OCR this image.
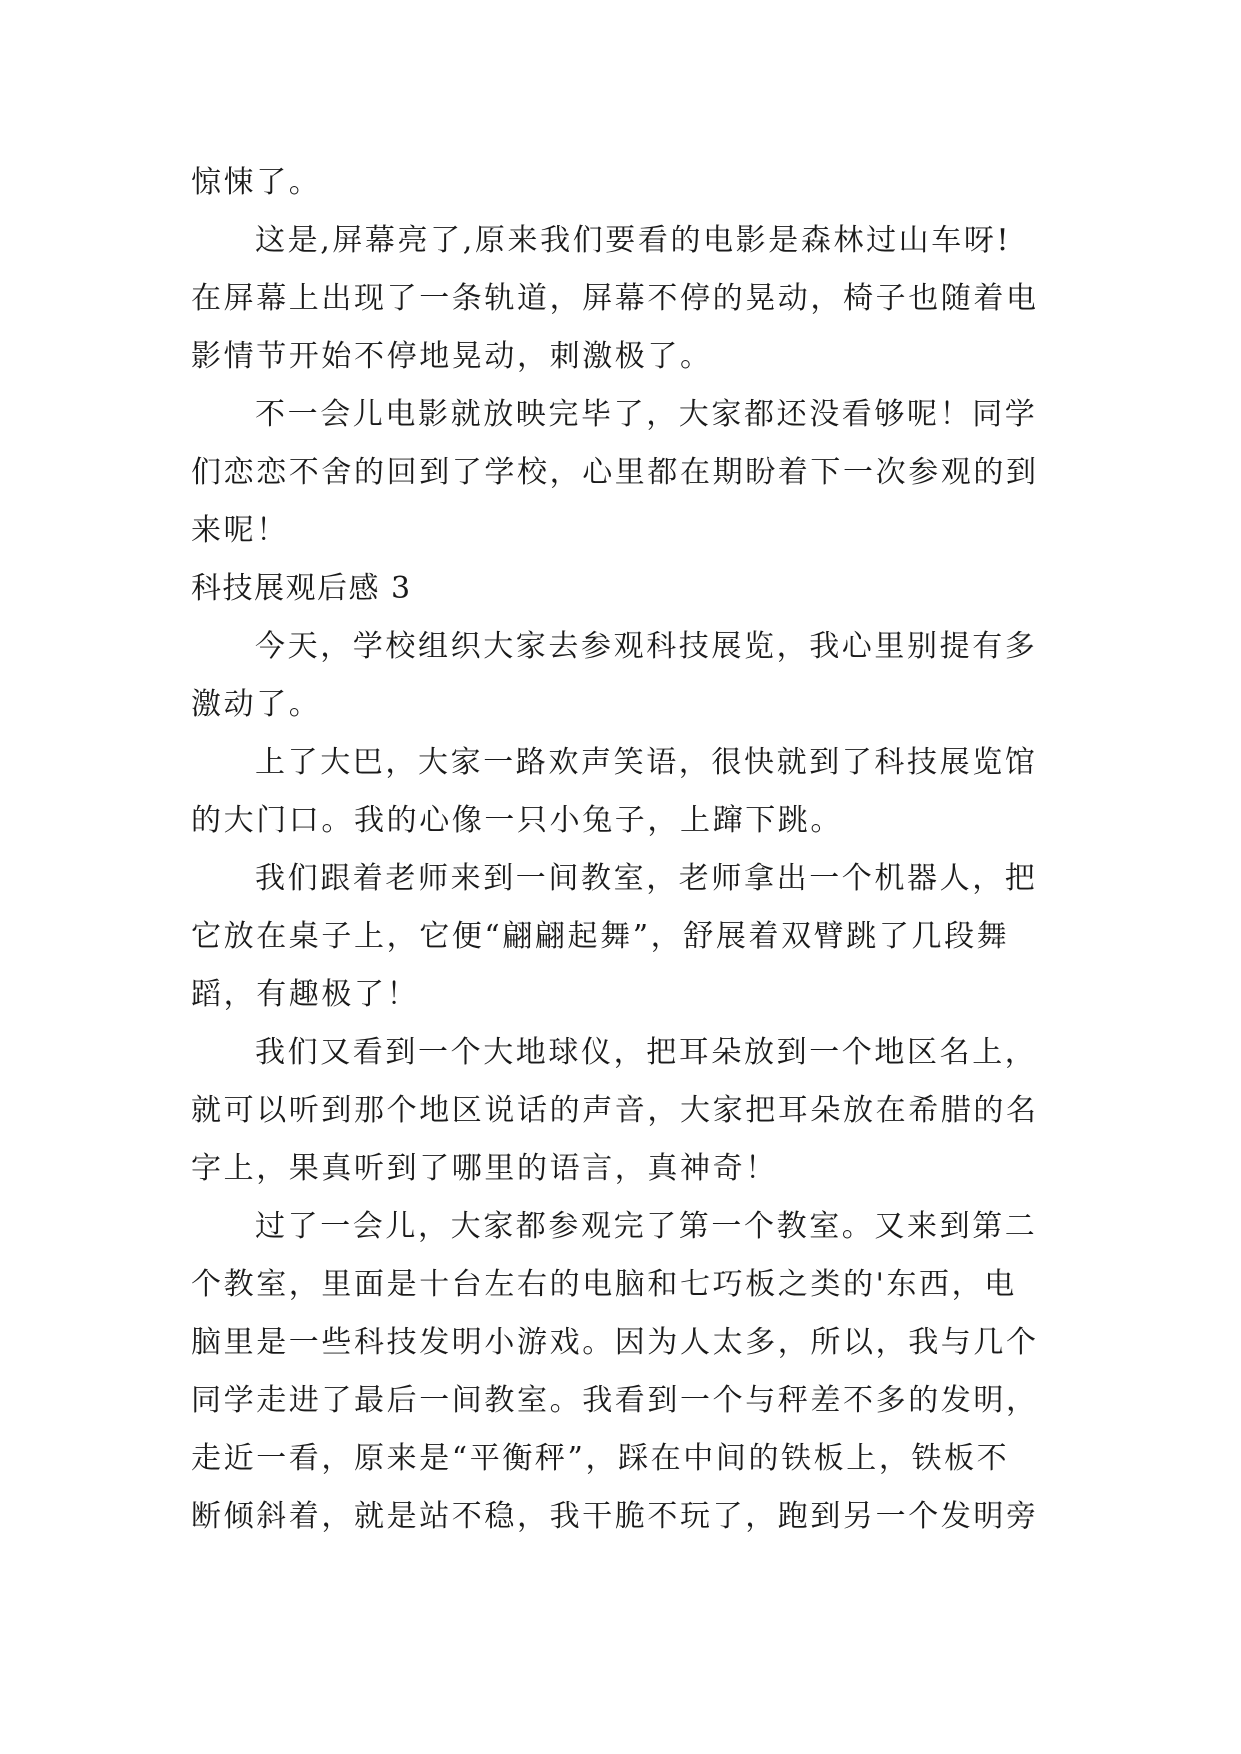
惊悚了。
这是,屏幕亮了,原来我们要看的电影是森林过山车呀!
在屏幕上出现了一条轨道，屏幕不停的晃动，椅子也随着电
影情节开始不停地晃动，刺激极了。
不一会儿电影就放映完毕了，大家都还没看够呢！同学
们恋恋不舍的回到了学校，心里都在期盼着下一次参观的到
来呢！
科技展观后感 3
今天，学校组织大家去参观科技展览，我心里别提有多
激动了。
上了大巴，大家一路欢声笑语，很快就到了科技展览馆
的大门口。我的心像一只小兔子，上蹿下跳。
我们跟着老师来到一间教室，老师拿出一个机器人，把
它放在桌子上，它便“翩翩起舞”，舒展着双臂跳了几段舞
蹈，有趣极了！
我们又看到一个大地球仪，把耳朵放到一个地区名上，
就可以听到那个地区说话的声音，大家把耳朵放在希腊的名
字上，果真听到了哪里的语言，真神奇！
过了一会儿，大家都参观完了第一个教室。又来到第二
个教室，里面是十台左右的电脑和七巧板之类的'东西，电
脑里是一些科技发明小游戏。因为人太多，所以，我与几个
同学走进了最后一间教室。我看到一个与秤差不多的发明，
走近一看，原来是“平衡秤”，踩在中间的铁板上，铁板不
断倾斜着，就是站不稳，我干脆不玩了，跑到另一个发明旁
